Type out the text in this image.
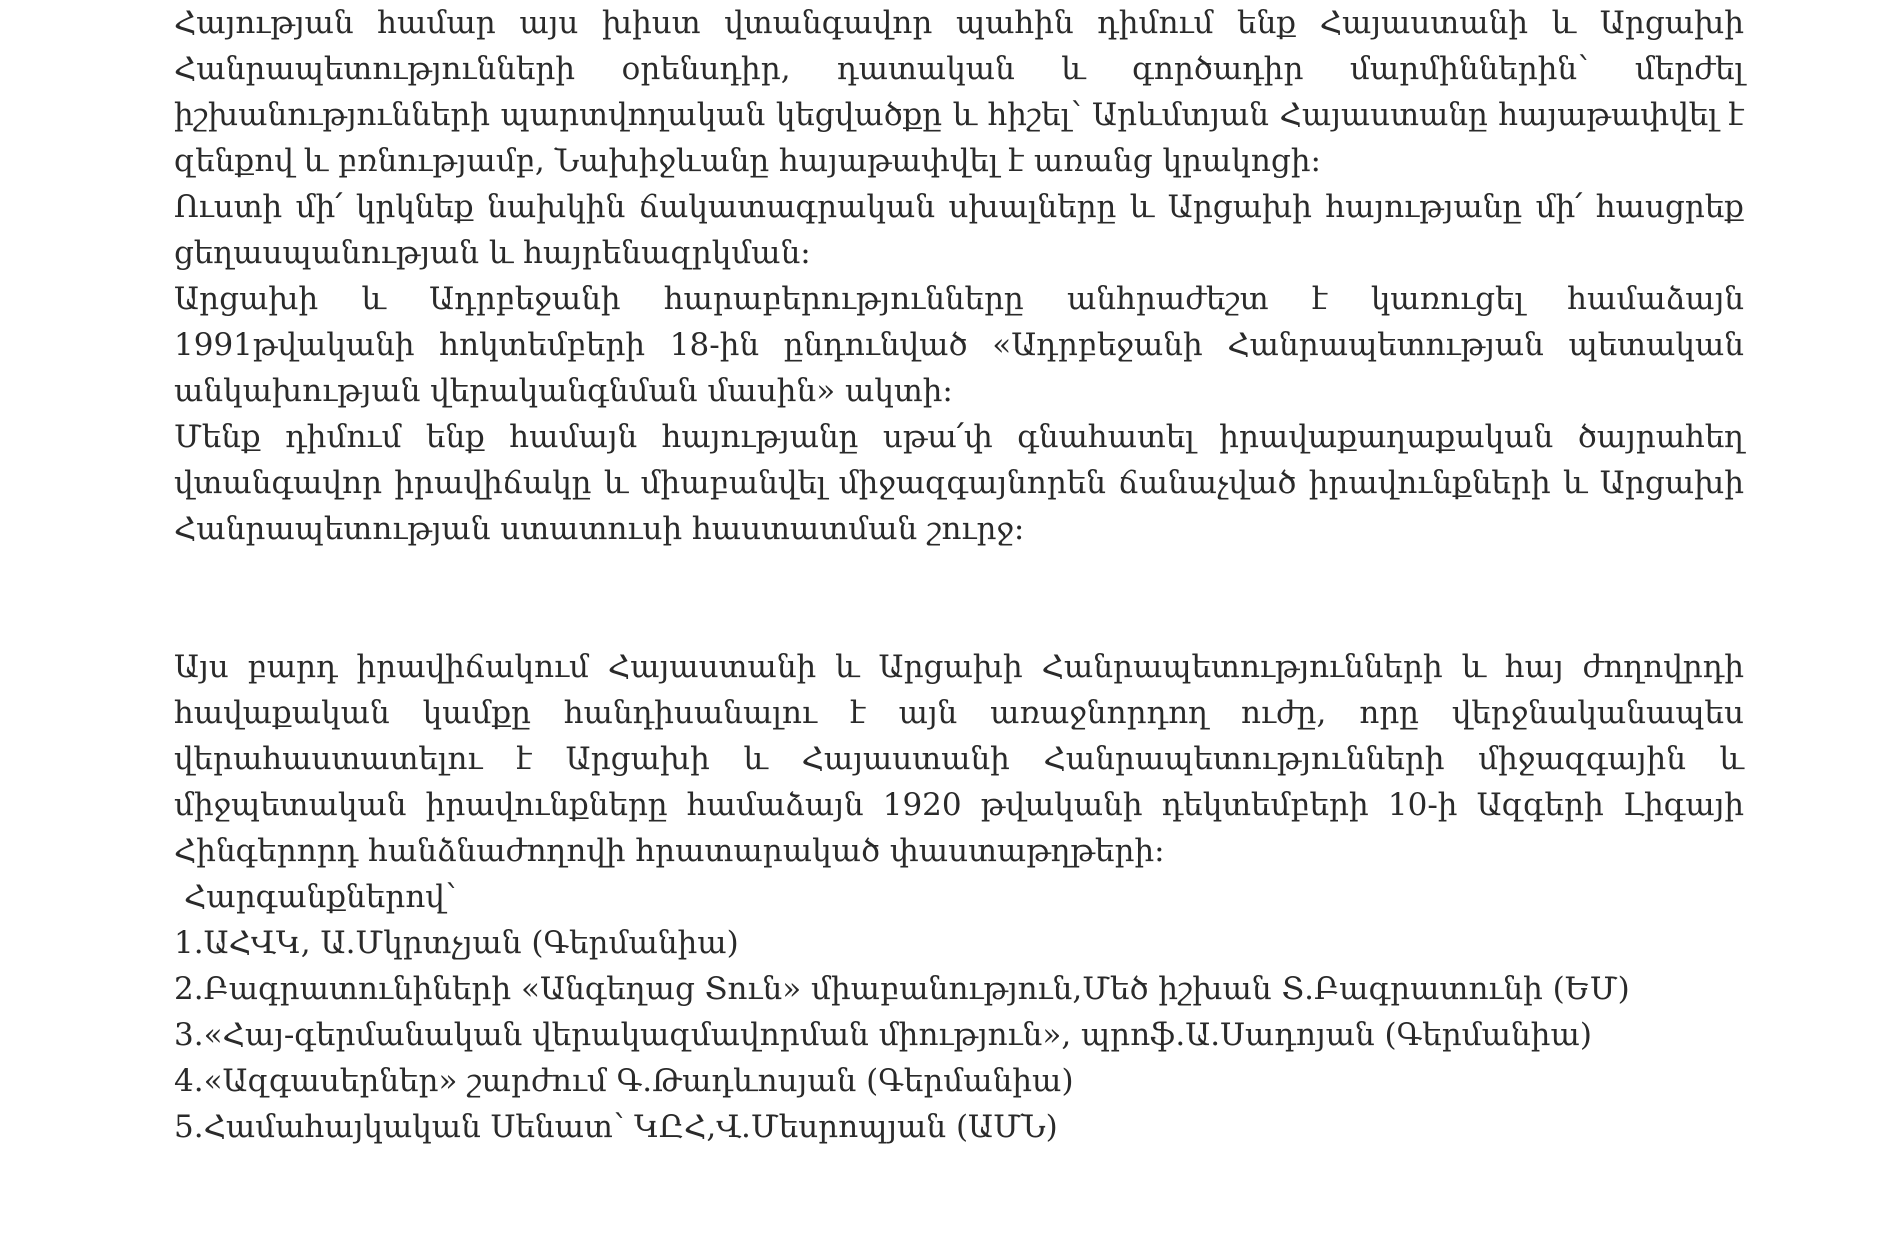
Հայության համար այս խիստ վտանգավոր պահին դիմում ենք Հայաստանի և Արցախի Հանրապետությունների օրենսդիր, դատական և գործադիր մարմիններին՝ մերժել իշխանությունների պարտվողական կեցվածքը և հիշել՝ Արևմտյան Հայաստանը հայաթափվել է զենքով և բռնությամբ, Նախիջևանը հայաթափվել է առանց կրակոցի:

Ուստի մի՛ կրկնեք նախկին ճակատագրական սխալները և Արցախի հայությանը մի՛ հասցրեք ցեղասպանության և հայրենազրկման:

Արցախի և Ադրբեջանի հարաբերությունները անհրաժեշտ է կառուցել համաձայն 1991թվականի հոկտեմբերի 18-ին ընդունված «Ադրբեջանի Հանրապետության պետական անկախության վերականգնման մասին» ակտի:

Մենք դիմում ենք համայն հայությանը սթա՛փ գնահատել իրավաքաղաքական ծայրահեղ վտանգավոր իրավիճակը և միաբանվել միջազգայնորեն ճանաչված իրավունքների և Արցախի Հանրապետության ստատուսի հաստատման շուրջ:

Այս բարդ իրավիճակում Հայաստանի և Արցախի Հանրապետությունների և հայ ժողովրդի հավաքական կամքը հանդիսանալու է այն առաջնորդող ուժը, որը վերջնականապես վերահաստատելու է Արցախի և Հայաստանի Հանրապետությունների միջազգային և միջպետական իրավունքները համաձայն 1920 թվականի դեկտեմբերի 10-ի Ազգերի Լիգայի Հինգերորդ հանձնաժողովի հրատարակած փաստաթղթերի:

Հարգանքներով՝

1.ԱՀՎԿ, Ա.Մկրտչյան (Գերմանիա)
2.Բագրատունիների «Անգեղաց Տուն» միաբանություն,Մեծ իշխան Տ.Բագրատունի (ԵՄ)
3.«Հայ-գերմանական վերակազմավորման միություն», պրոֆ.Ա.Սադոյան (Գերմանիա)
4.«Ազգասերներ» շարժում Գ.Թադևոսյան (Գերմանիա)
5.Համահայկական Սենատ՝ ԿԸՀ,Վ.Մեսրոպյան (ԱՄՆ)
